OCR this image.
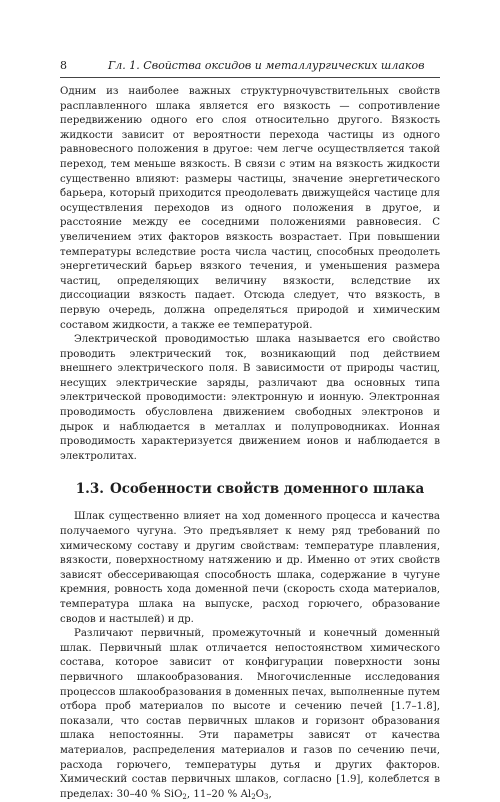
8	Гл. 1. Свойства оксидов и металлургических шлаков

Одним из наиболее важных структурночувствительных свойств расплавленного шлака является его вязкость — сопротивление передвижению одного его слоя относительно другого. Вязкость жидкости зависит от вероятности перехода частицы из одного равновесного положения в другое: чем легче осуществляется такой переход, тем меньше вязкость. В связи с этим на вязкость жидкости существенно влияют: размеры частицы, значение энергетического барьера, который приходится преодолевать движущейся частице для осуществления переходов из одного положения в другое, и расстояние между ее соседними положениями равновесия. С увеличением этих факторов вязкость возрастает. При повышении температуры вследствие роста числа частиц, способных преодолеть энергетический барьер вязкого течения, и уменьшения размера частиц, определяющих величину вязкости, вследствие их диссоциации вязкость падает. Отсюда следует, что вязкость, в первую очередь, должна определяться природой и химическим составом жидкости, а также ее температурой.

Электрической проводимостью шлака называется его свойство проводить электрический ток, возникающий под действием внешнего электрического поля. В зависимости от природы частиц, несущих электрические заряды, различают два основных типа электрической проводимости: электронную и ионную. Электронная проводимость обусловлена движением свободных электронов и дырок и наблюдается в металлах и полупроводниках. Ионная проводимость характеризуется движением ионов и наблюдается в электролитах.

1.3. Особенности свойств доменного шлака

Шлак существенно влияет на ход доменного процесса и качества получаемого чугуна. Это предъявляет к нему ряд требований по химическому составу и другим свойствам: температуре плавления, вязкости, поверхностному натяжению и др. Именно от этих свойств зависят обессеривающая способность шлака, содержание в чугуне кремния, ровность хода доменной печи (скорость схода материалов, температура шлака на выпуске, расход горючего, образование сводов и настылей) и др.

Различают первичный, промежуточный и конечный доменный шлак. Первичный шлак отличается непостоянством химического состава, которое зависит от конфигурации поверхности зоны первичного шлакообразования. Многочисленные исследования процессов шлакообразования в доменных печах, выполненные путем отбора проб материалов по высоте и сечению печей [1.7–1.8], показали, что состав первичных шлаков и горизонт образования шлака непостоянны. Эти параметры зависят от качества материалов, распределения материалов и газов по сечению печи, расхода горючего, температуры дутья и других факторов. Химический состав первичных шлаков, согласно [1.9], колеблется в пределах: 30–40 % SiO$_2$, 11–20 % $Al_2O_3$,
